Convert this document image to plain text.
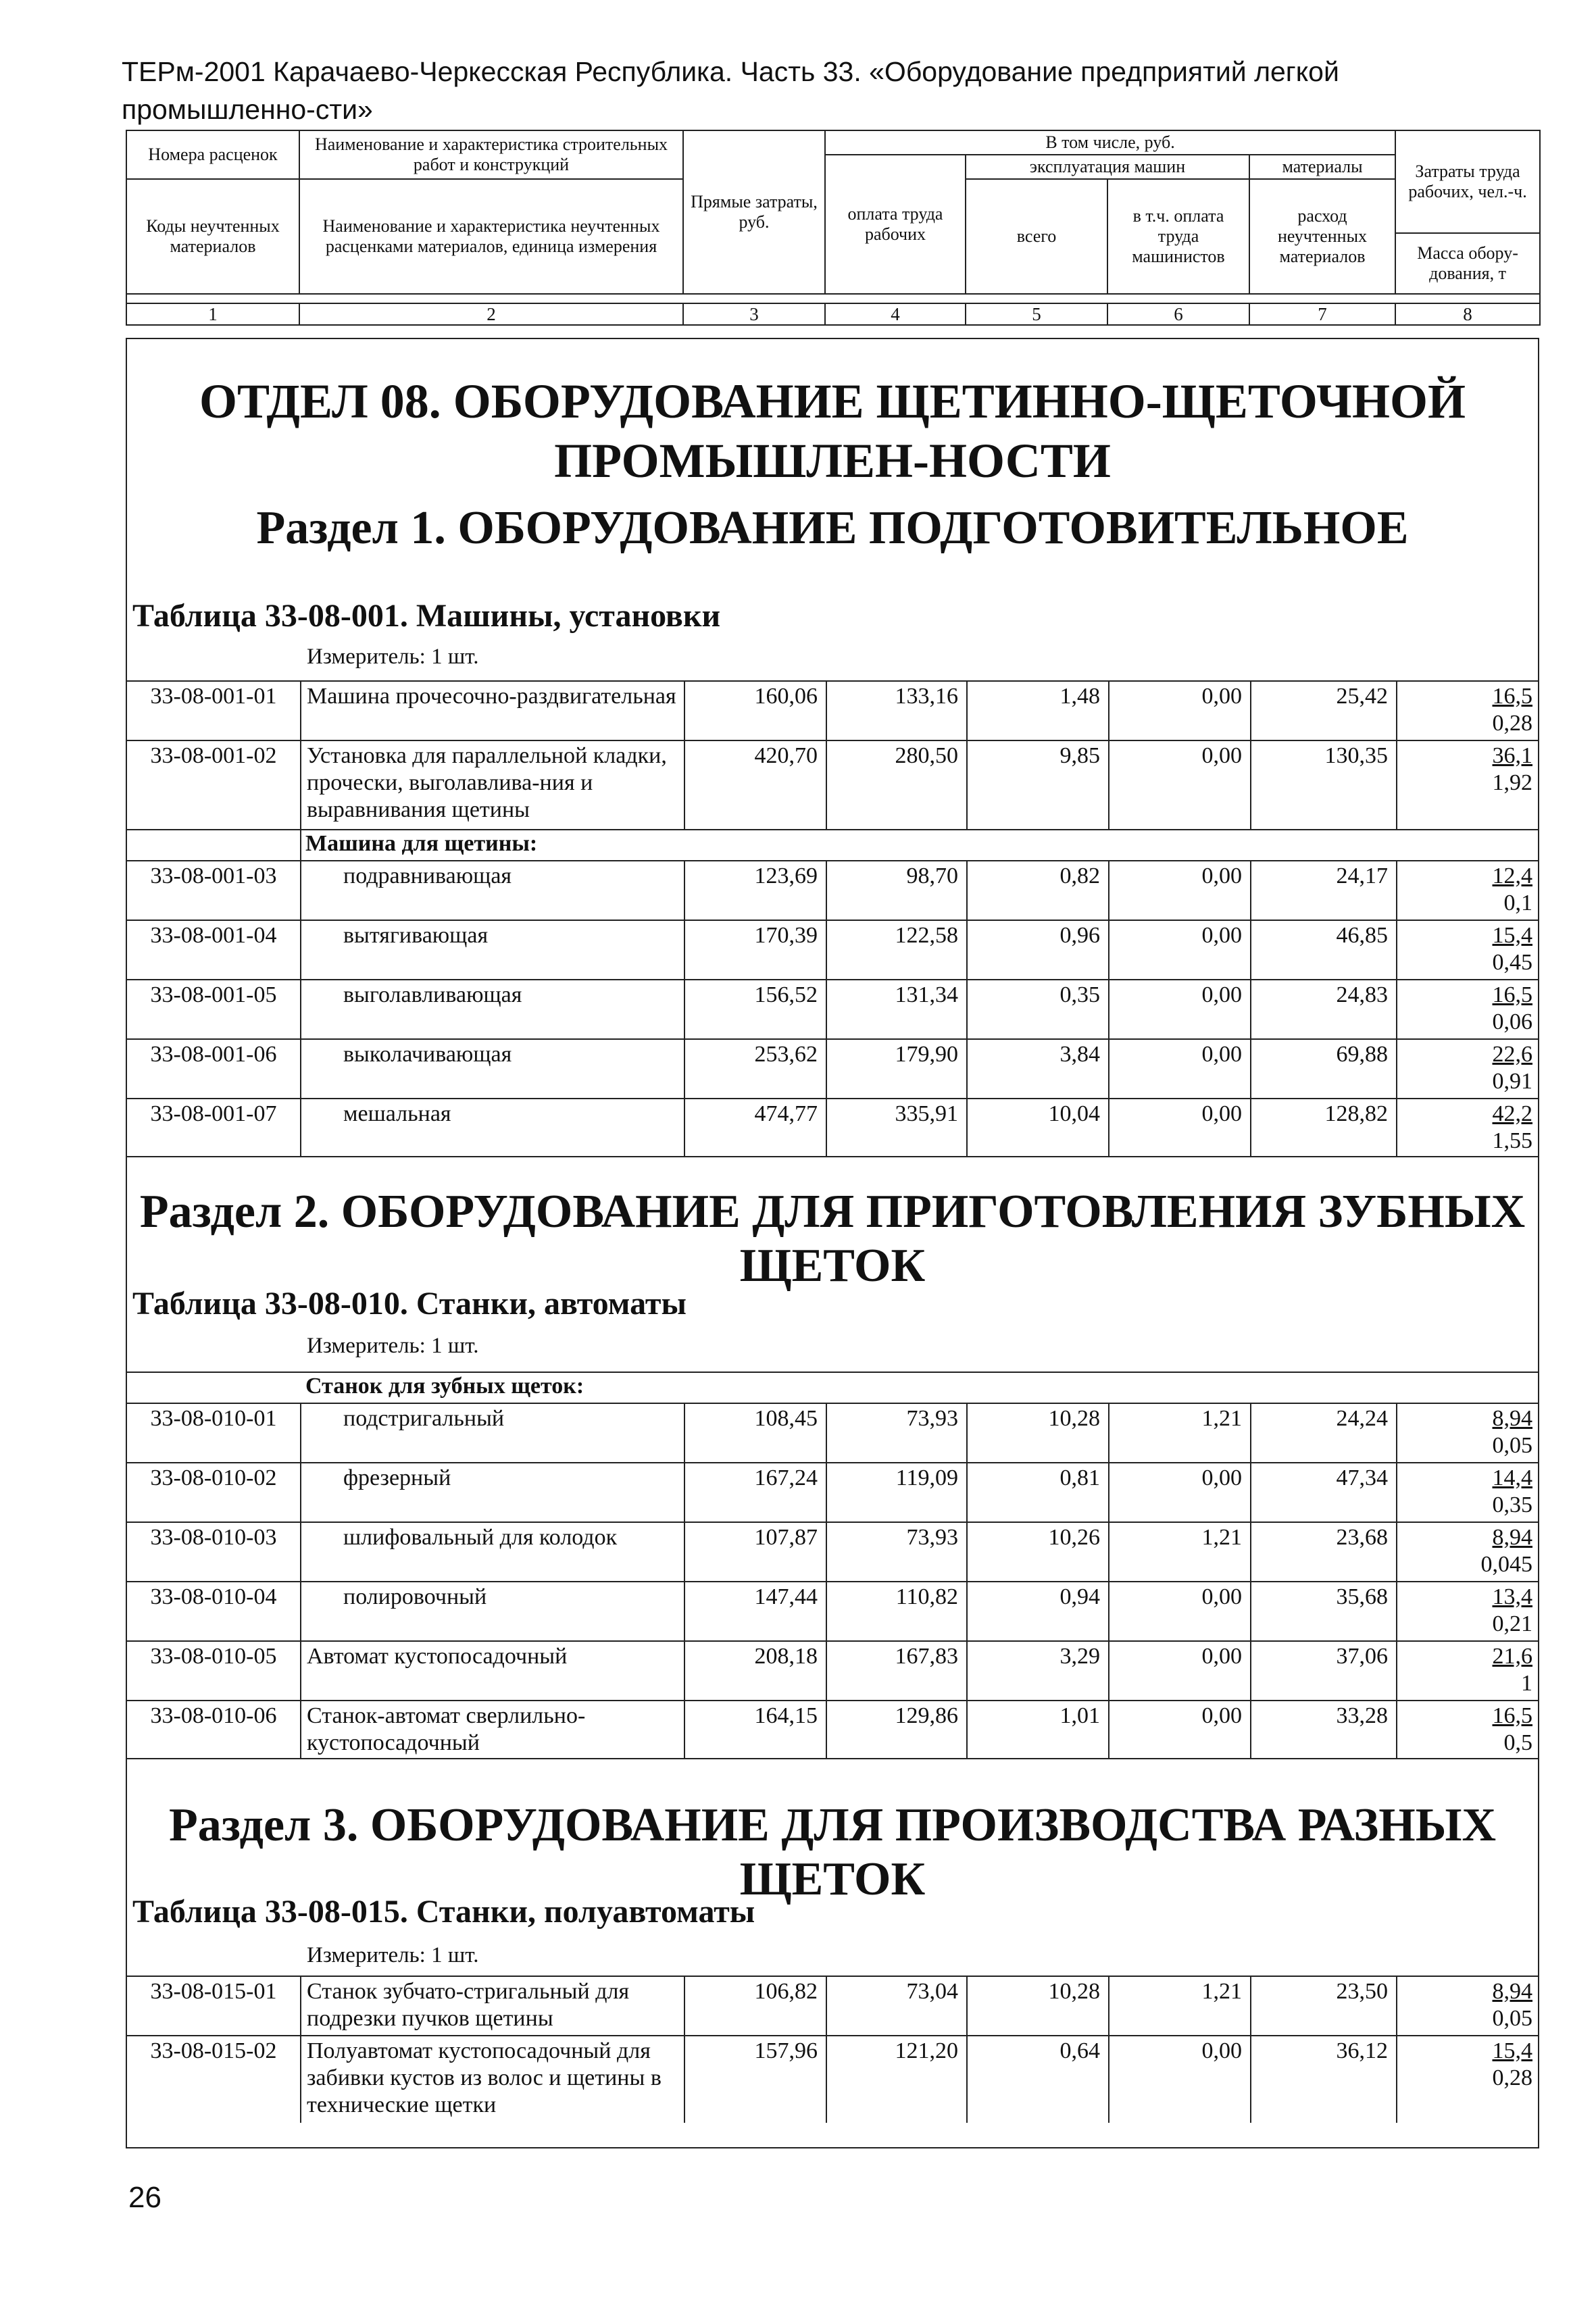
ТЕРм-2001 Карачаево-Черкесская Республика. Часть 33. «Оборудование предприятий легкой промышленно-сти»
Номера расценок	Наименование и характеристика строительных работ и конструкций	Прямые затраты, руб.	В том числе, руб.				Затраты труда рабочих, чел.-ч.
			оплата труда рабочих	эксплуатация машин		материалы	
Коды неучтенных материалов	Наименование и характеристика неучтенных расценками материалов, единица измерения			всего	в т.ч. оплата труда машинистов	расход неучтенных материалов	
							Масса обору-дования, т

1	2	3	4	5	6	7	8
ОТДЕЛ 08. ОБОРУДОВАНИЕ ЩЕТИННО-ЩЕТОЧНОЙ ПРОМЫШЛЕН-НОСТИ
Раздел 1. ОБОРУДОВАНИЕ ПОДГОТОВИТЕЛЬНОЕ
Таблица 33-08-001. Машины, установки
Измеритель: 1 шт.
33-08-001-01	Машина прочесочно-раздвигательная	160,06	133,16	1,48	0,00	25,42	16,5
0,28
33-08-001-02	Установка для параллельной кладки, прочески, выголавлива-ния и выравнивания щетины
420,70	280,50	9,85	0,00	130,35	36,1
1,92
Машина для щетины:
33-08-001-03	подравнивающая	123,69	98,70	0,82	0,00	24,17	12,4
0,1
33-08-001-04	вытягивающая	170,39	122,58	0,96	0,00	46,85	15,4
0,45
33-08-001-05	выголавливающая	156,52	131,34	0,35	0,00	24,83	16,5
0,06
33-08-001-06	выколачивающая	253,62	179,90	3,84	0,00	69,88	22,6
0,91
33-08-001-07	мешальная	474,77	335,91	10,04	0,00	128,82	42,2
1,55
Раздел 2. ОБОРУДОВАНИЕ ДЛЯ ПРИГОТОВЛЕНИЯ ЗУБНЫХ ЩЕТОК
Таблица 33-08-010. Станки, автоматы
Измеритель: 1 шт.
Станок для зубных щеток:
33-08-010-01	подстригальный	108,45	73,93	10,28	1,21	24,24	8,94
0,05
33-08-010-02	фрезерный	167,24	119,09	0,81	0,00	47,34	14,4
0,35
33-08-010-03	шлифовальный для колодок	107,87	73,93	10,26	1,21	23,68	8,94
0,045
33-08-010-04	полировочный	147,44	110,82	0,94	0,00	35,68	13,4
0,21
33-08-010-05	Автомат кустопосадочный	208,18	167,83	3,29	0,00	37,06	21,6
1
33-08-010-06	Станок-автомат сверлильно-кустопосадочный
164,15	129,86	1,01	0,00	33,28	16,5
0,5
Раздел 3. ОБОРУДОВАНИЕ ДЛЯ ПРОИЗВОДСТВА РАЗНЫХ ЩЕТОК
Таблица 33-08-015. Станки, полуавтоматы
Измеритель: 1 шт.
33-08-015-01	Станок зубчато-стригальный для подрезки пучков щетины
106,82	73,04	10,28	1,21	23,50	8,94
0,05
33-08-015-02	Полуавтомат кустопосадочный для забивки кустов из волос и щетины в технические щетки
157,96	121,20	0,64	0,00	36,12	15,4
0,28
26
